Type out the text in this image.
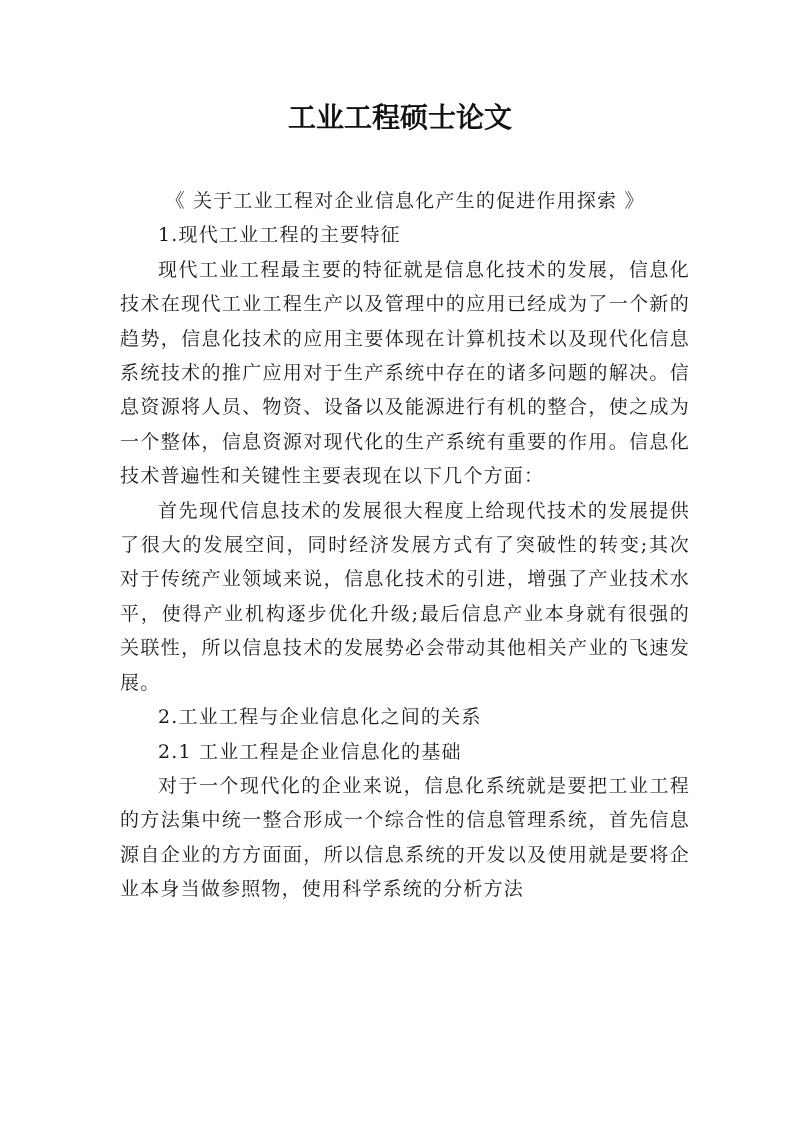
工业工程硕士论文

《 关于工业工程对企业信息化产生的促进作用探索 》

1.现代工业工程的主要特征

现代工业工程最主要的特征就是信息化技术的发展，信息化技术在现代工业工程生产以及管理中的应用已经成为了一个新的趋势，信息化技术的应用主要体现在计算机技术以及现代化信息系统技术的推广应用对于生产系统中存在的诸多问题的解决。信息资源将人员、物资、设备以及能源进行有机的整合，使之成为一个整体，信息资源对现代化的生产系统有重要的作用。信息化技术普遍性和关键性主要表现在以下几个方面：

首先现代信息技术的发展很大程度上给现代技术的发展提供了很大的发展空间，同时经济发展方式有了突破性的转变;其次对于传统产业领域来说，信息化技术的引进，增强了产业技术水平，使得产业机构逐步优化升级;最后信息产业本身就有很强的关联性，所以信息技术的发展势必会带动其他相关产业的飞速发展。

2.工业工程与企业信息化之间的关系

2.1 工业工程是企业信息化的基础

对于一个现代化的企业来说，信息化系统就是要把工业工程的方法集中统一整合形成一个综合性的信息管理系统，首先信息源自企业的方方面面，所以信息系统的开发以及使用就是要将企业本身当做参照物，使用科学系统的分析方法
